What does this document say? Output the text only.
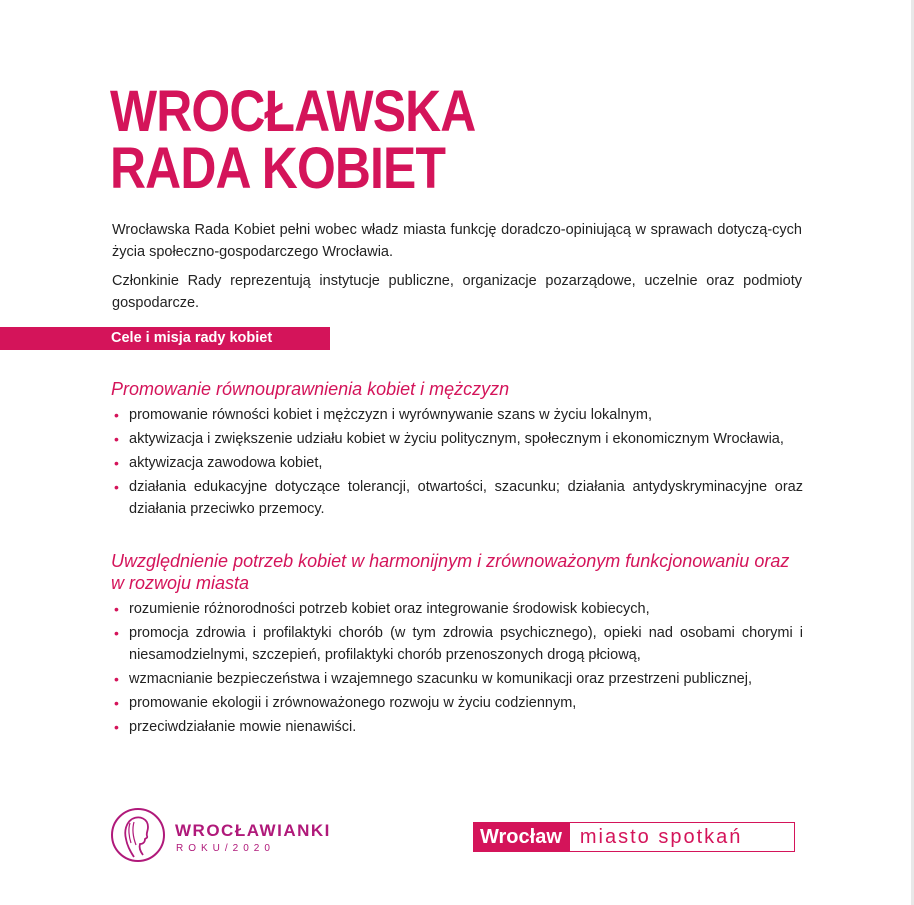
WROCŁAWSKA
RADA KOBIET

Wrocławska Rada Kobiet pełni wobec władz miasta funkcję doradczo-opiniującą w sprawach dotyczą-cych życia społeczno-gospodarczego Wrocławia.

Członkinie Rady reprezentują instytucje publiczne, organizacje pozarządowe, uczelnie oraz podmioty gospodarcze.

Cele i misja rady kobiet
Promowanie równouprawnienia kobiet i mężczyzn
• promowanie równości kobiet i mężczyzn i wyrównywanie szans w życiu lokalnym,
• aktywizacja i zwiększenie udziału kobiet w życiu politycznym, społecznym i ekonomicznym Wrocławia,
• aktywizacja zawodowa kobiet,
• działania edukacyjne dotyczące tolerancji, otwartości, szacunku; działania antydyskryminacyjne oraz działania przeciwko przemocy.
Uwzględnienie potrzeb kobiet w harmonijnym i zrównoważonym funkcjonowaniu oraz w rozwoju miasta
• rozumienie różnorodności potrzeb kobiet oraz integrowanie środowisk kobiecych,
• promocja zdrowia i profilaktyki chorób (w tym zdrowia psychicznego), opieki nad osobami chorymi i niesamodzielnymi, szczepień, profilaktyki chorób przenoszonych drogą płciową,
• wzmacnianie bezpieczeństwa i wzajemnego szacunku w komunikacji oraz przestrzeni publicznej,
• promowanie ekologii i zrównoważonego rozwoju w życiu codziennym,
• przeciwdziałanie mowie nienawiści.
WROCŁAWIANKI
ROKU/2020
Wrocław miasto spotkań
